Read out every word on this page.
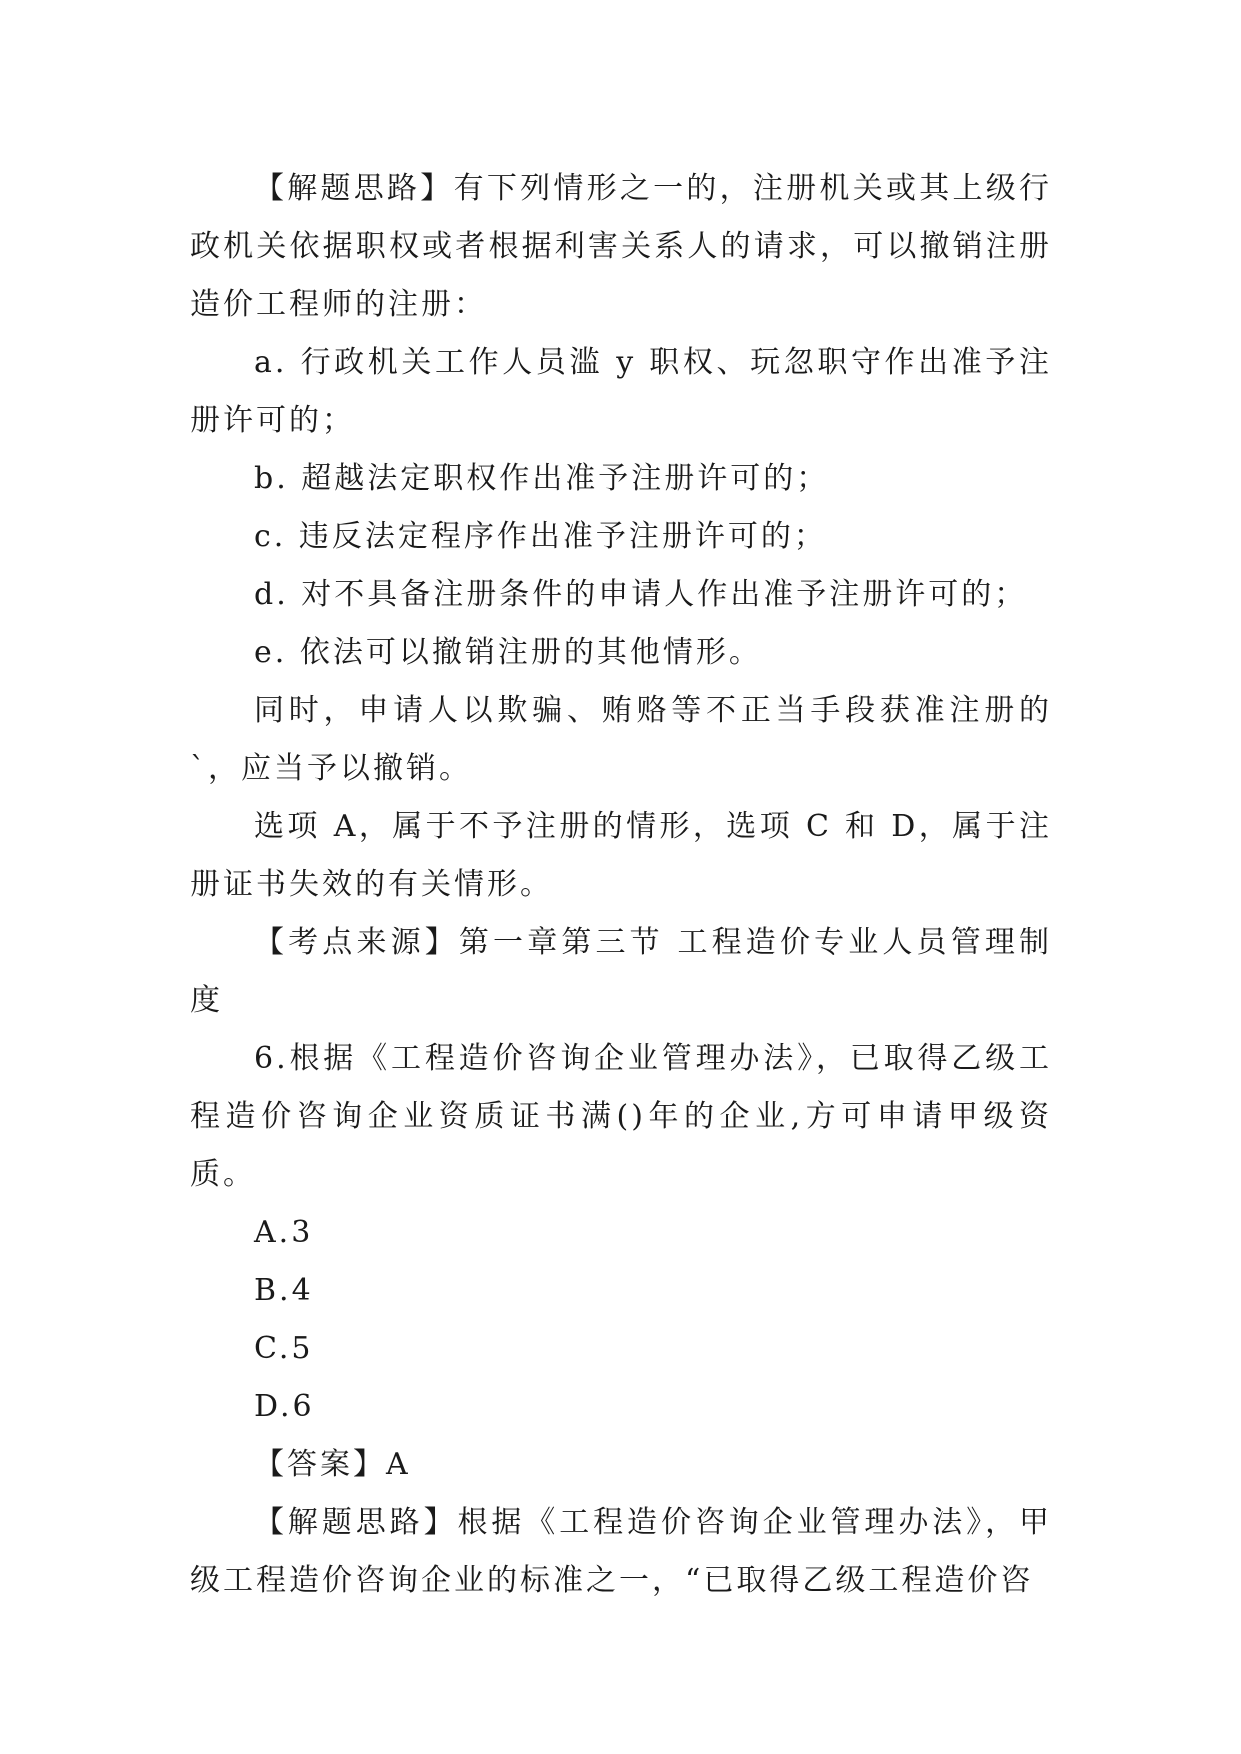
【解题思路】有下列情形之一的，注册机关或其上级行政机关依据职权或者根据利害关系人的请求，可以撤销注册造价工程师的注册：

a. 行政机关工作人员滥 y 职权、玩忽职守作出准予注册许可的；

b. 超越法定职权作出准予注册许可的；

c. 违反法定程序作出准予注册许可的；

d. 对不具备注册条件的申请人作出准予注册许可的；

e. 依法可以撤销注册的其他情形。

同时，申请人以欺骗、贿赂等不正当手段获准注册的`，应当予以撤销。

选项 A，属于不予注册的情形，选项 C 和 D，属于注册证书失效的有关情形。

【考点来源】第一章第三节 工程造价专业人员管理制度

6.根据《工程造价咨询企业管理办法》，已取得乙级工程造价咨询企业资质证书满()年的企业,方可申请甲级资质。

A.3

B.4

C.5

D.6

【答案】A

【解题思路】根据《工程造价咨询企业管理办法》，甲级工程造价咨询企业的标准之一，“已取得乙级工程造价咨
